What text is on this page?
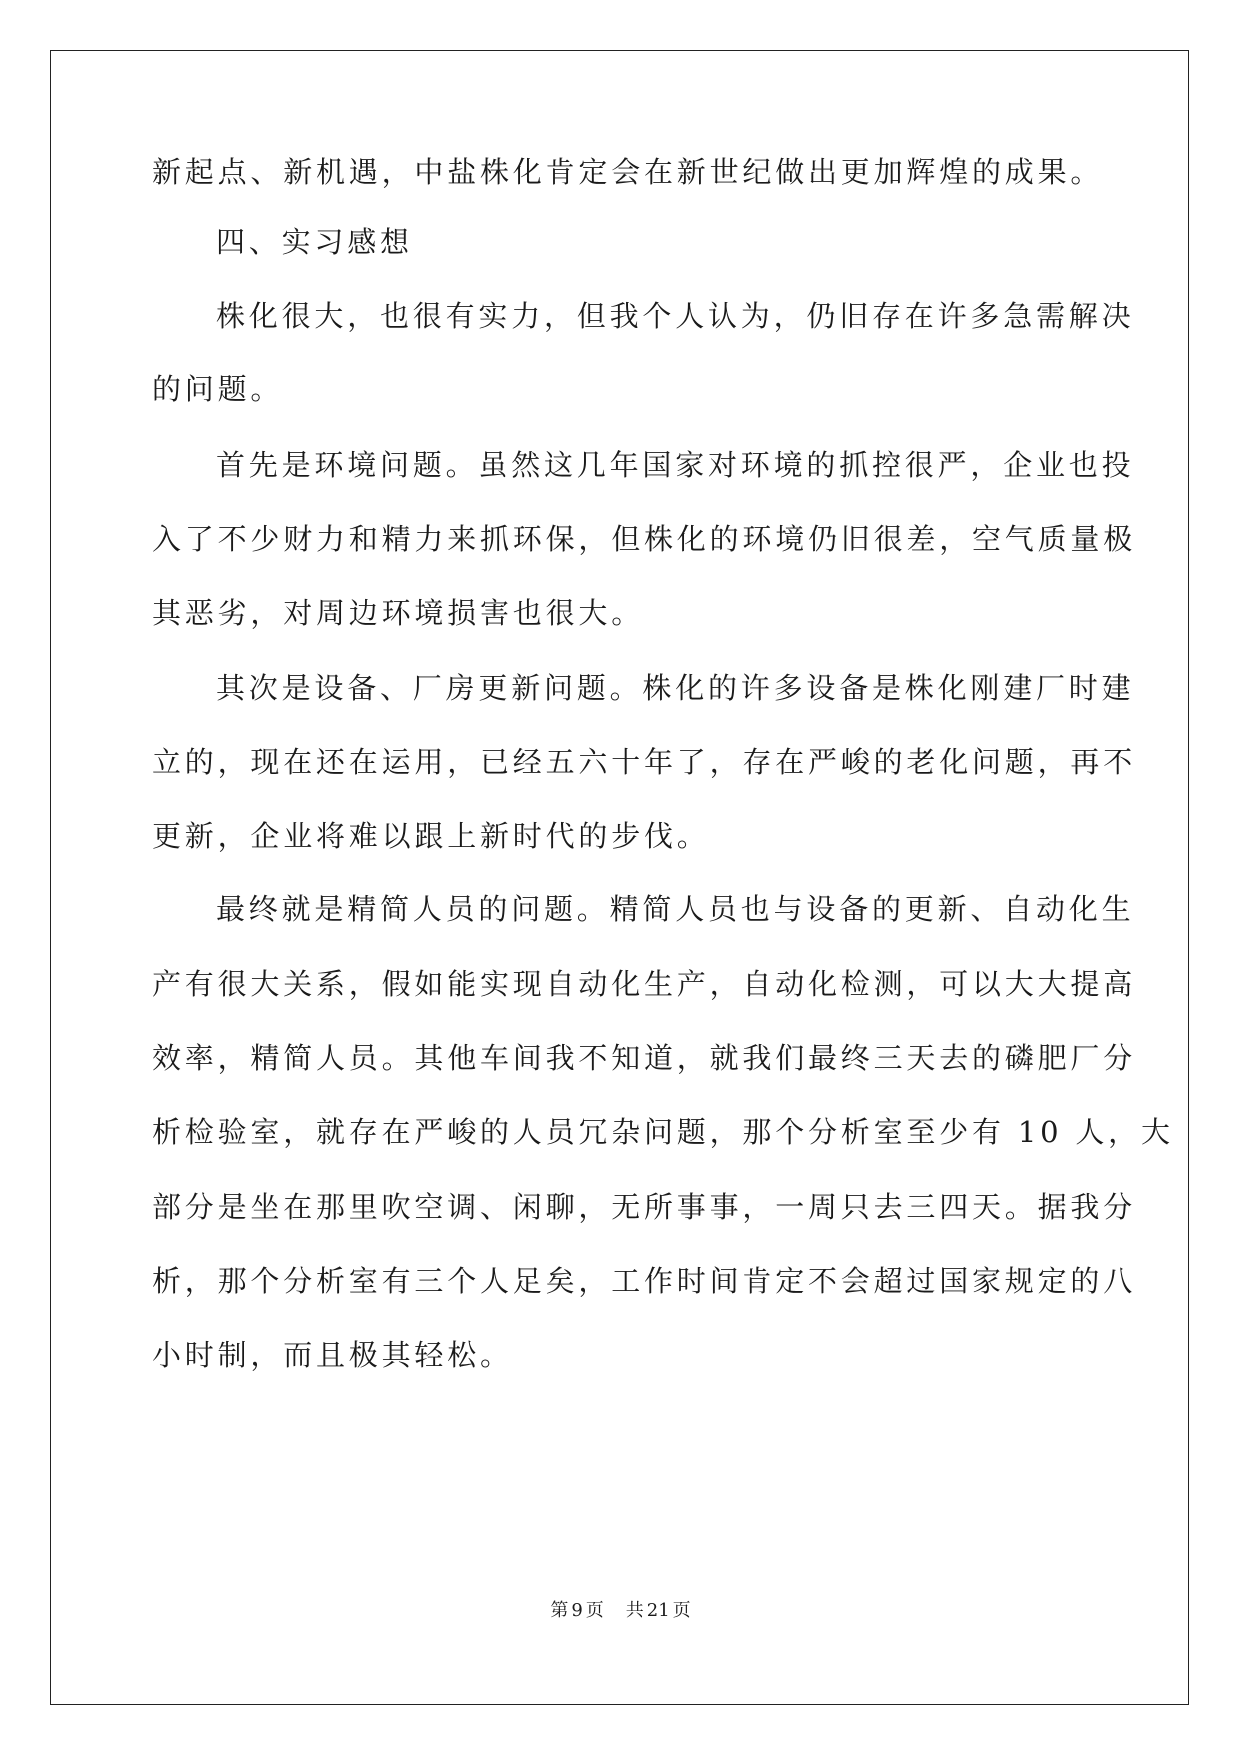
新起点、新机遇，中盐株化肯定会在新世纪做出更加辉煌的成果。
四、实习感想
株化很大，也很有实力，但我个人认为，仍旧存在许多急需解决
的问题。
首先是环境问题。虽然这几年国家对环境的抓控很严，企业也投
入了不少财力和精力来抓环保，但株化的环境仍旧很差，空气质量极
其恶劣，对周边环境损害也很大。
其次是设备、厂房更新问题。株化的许多设备是株化刚建厂时建
立的，现在还在运用，已经五六十年了，存在严峻的老化问题，再不
更新，企业将难以跟上新时代的步伐。
最终就是精简人员的问题。精简人员也与设备的更新、自动化生
产有很大关系，假如能实现自动化生产，自动化检测，可以大大提高
效率，精简人员。其他车间我不知道，就我们最终三天去的磷肥厂分
析检验室，就存在严峻的人员冗杂问题，那个分析室至少有 10 人，大
部分是坐在那里吹空调、闲聊，无所事事，一周只去三四天。据我分
析，那个分析室有三个人足矣，工作时间肯定不会超过国家规定的八
小时制，而且极其轻松。
第 9 页 共 21 页
